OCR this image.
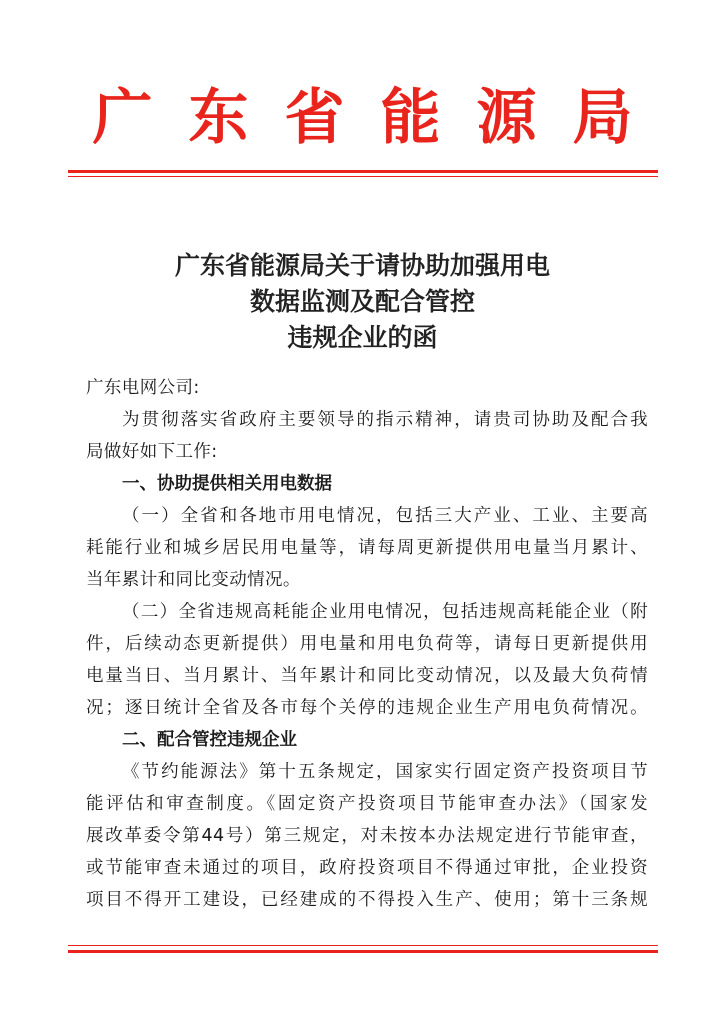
广东省能源局
广东省能源局关于请协助加强用电
数据监测及配合管控
违规企业的函
广东电网公司:
为贯彻落实省政府主要领导的指示精神，请贵司协助及配合我
局做好如下工作:
一、协助提供相关用电数据
（一）全省和各地市用电情况，包括三大产业、工业、主要高
耗能行业和城乡居民用电量等，请每周更新提供用电量当月累计、
当年累计和同比变动情况。
（二）全省违规高耗能企业用电情况，包括违规高耗能企业（附
件，后续动态更新提供）用电量和用电负荷等，请每日更新提供用
电量当日、当月累计、当年累计和同比变动情况，以及最大负荷情
况；逐日统计全省及各市每个关停的违规企业生产用电负荷情况。
二、配合管控违规企业
《节约能源法》第十五条规定，国家实行固定资产投资项目节
能评估和审查制度。《固定资产投资项目节能审查办法》（国家发
展改革委令第44号）第三规定，对未按本办法规定进行节能审查，
或节能审查未通过的项目，政府投资项目不得通过审批，企业投资
项目不得开工建设，已经建成的不得投入生产、使用；第十三条规
